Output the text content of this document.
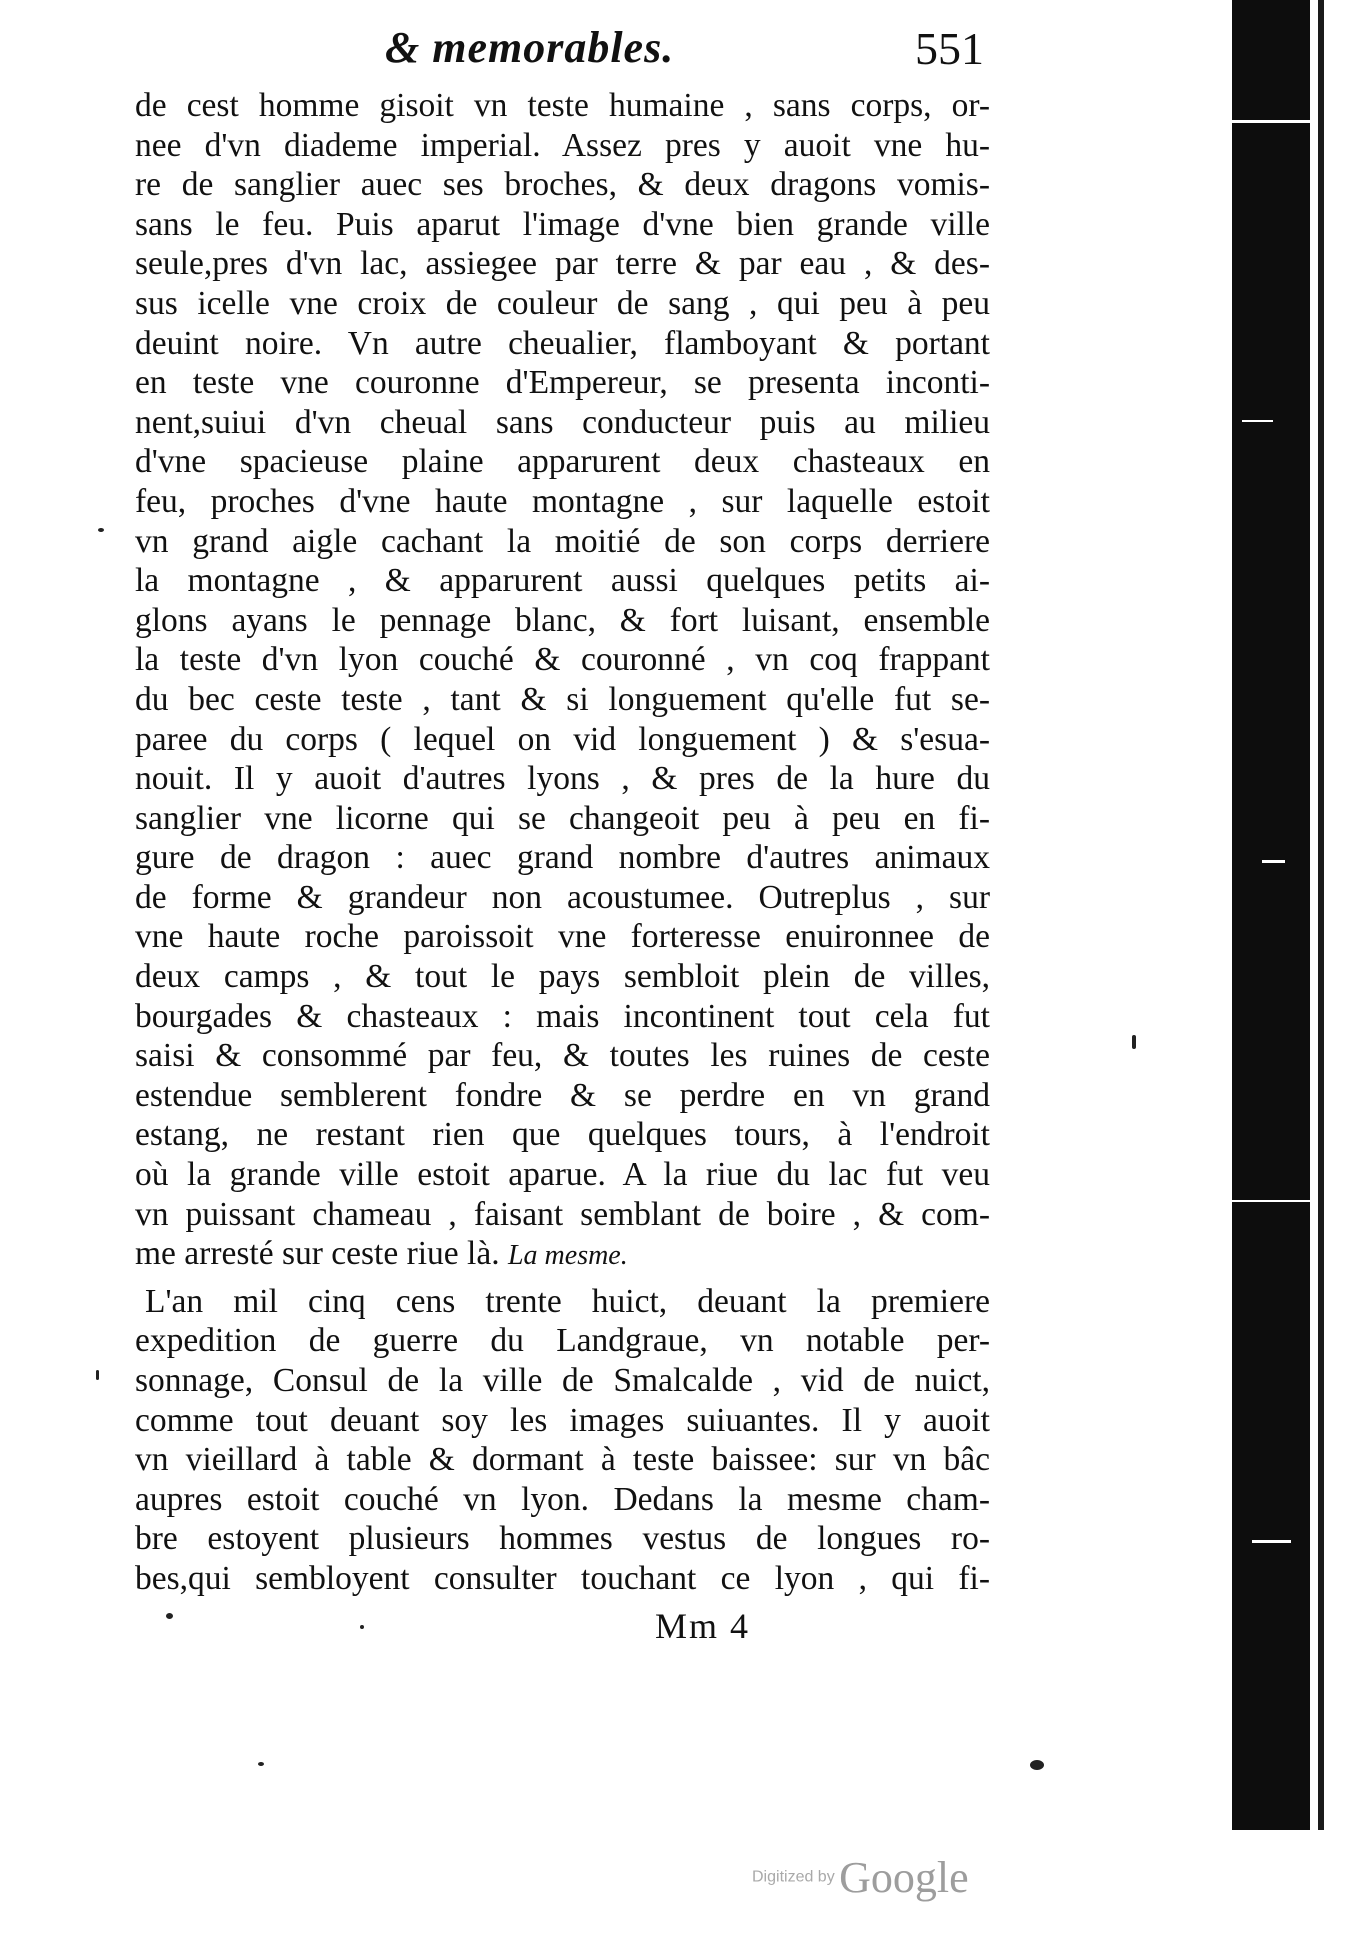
& memorables.	551
de cest homme gisoit vn teste humaine , sans corps, or-
nee d'vn diademe imperial. Assez pres y auoit vne hu-
re de sanglier auec ses broches, & deux dragons vomis-
sans le feu. Puis aparut l'image d'vne bien grande ville
seule,pres d'vn lac, assiegee par terre & par eau , & des-
sus icelle vne croix de couleur de sang , qui peu à peu
deuint noire. Vn autre cheualier, flamboyant & portant
en teste vne couronne d'Empereur, se presenta inconti-
nent,suiui d'vn cheual sans conducteur puis au milieu
d'vne spacieuse plaine apparurent deux chasteaux en
feu, proches d'vne haute montagne , sur laquelle estoit
vn grand aigle cachant la moitié de son corps derriere
la montagne , & apparurent aussi quelques petits ai-
glons ayans le pennage blanc, & fort luisant, ensemble
la teste d'vn lyon couché & couronné , vn coq frappant
du bec ceste teste , tant & si longuement qu'elle fut se-
paree du corps ( lequel on vid longuement ) & s'esua-
nouit. Il y auoit d'autres lyons , & pres de la hure du
sanglier vne licorne qui se changeoit peu à peu en fi-
gure de dragon : auec grand nombre d'autres animaux
de forme & grandeur non acoustumee. Outreplus , sur
vne haute roche paroissoit vne forteresse enuironnee de
deux camps , & tout le pays sembloit plein de villes,
bourgades & chasteaux : mais incontinent tout cela fut
saisi & consommé par feu, & toutes les ruines de ceste
estendue semblerent fondre & se perdre en vn grand
estang, ne restant rien que quelques tours, à l'endroit
où la grande ville estoit aparue. A la riue du lac fut veu
vn puissant chameau , faisant semblant de boire , & com-
me arresté sur ceste riue là. La mesme.
L'an mil cinq cens trente huict, deuant la premiere
expedition de guerre du Landgraue, vn notable per-
sonnage, Consul de la ville de Smalcalde , vid de nuict,
comme tout deuant soy les images suiuantes. Il y auoit
vn vieillard à table & dormant à teste baissee: sur vn bâc
aupres estoit couché vn lyon. Dedans la mesme cham-
bre estoyent plusieurs hommes vestus de longues ro-
bes,qui sembloyent consulter touchant ce lyon , qui fi-
Mm 4
Digitized by Google
